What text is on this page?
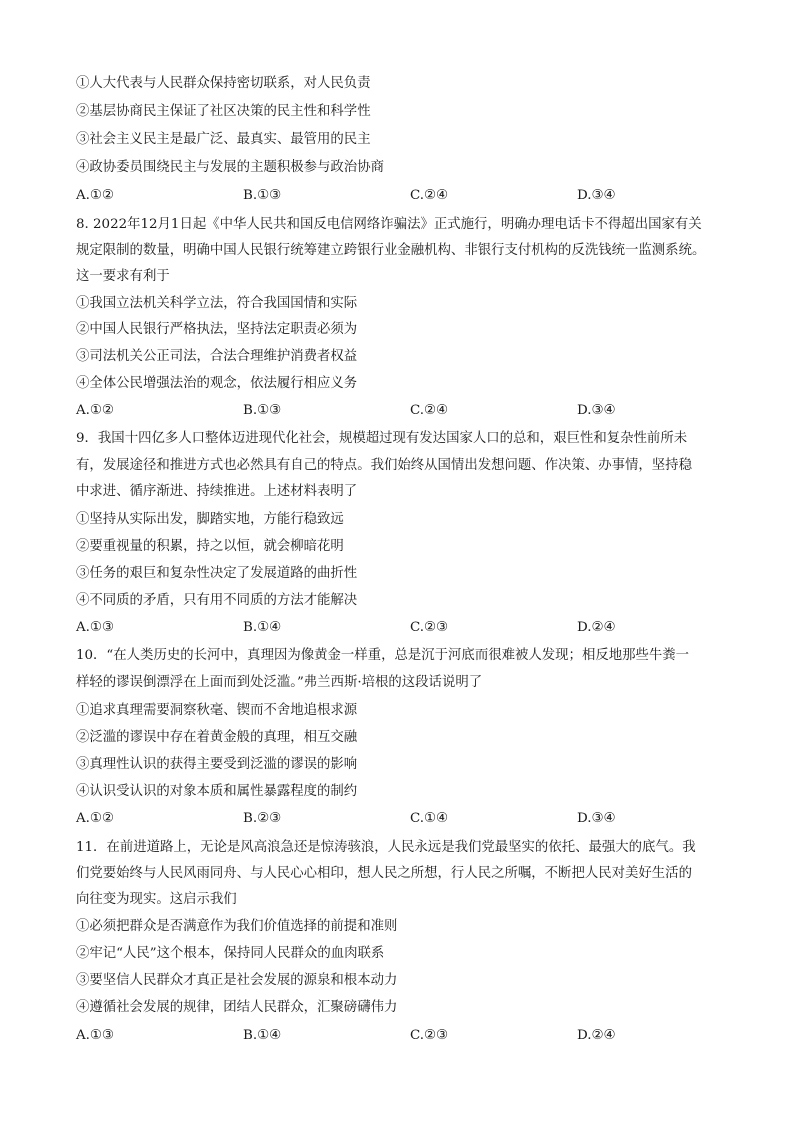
①人大代表与人民群众保持密切联系，对人民负责
②基层协商民主保证了社区决策的民主性和科学性
③社会主义民主是最广泛、最真实、最管用的民主
④政协委员围绕民主与发展的主题积极参与政治协商
A.①②	B.①③	C.②④	D.③④
8. 2022年12月1日起《中华人民共和国反电信网络诈骗法》正式施行，明确办理电话卡不得超出国家有关
规定限制的数量，明确中国人民银行统筹建立跨银行业金融机构、非银行支付机构的反洗钱统一监测系统。
这一要求有利于
①我国立法机关科学立法，符合我国国情和实际
②中国人民银行严格执法，坚持法定职责必须为
③司法机关公正司法，合法合理维护消费者权益
④全体公民增强法治的观念，依法履行相应义务
A.①②	B.①③	C.②④	D.③④
9．我国十四亿多人口整体迈进现代化社会，规模超过现有发达国家人口的总和，艰巨性和复杂性前所未
有，发展途径和推进方式也必然具有自己的特点。我们始终从国情出发想问题、作决策、办事情，坚持稳
中求进、循序渐进、持续推进。上述材料表明了
①坚持从实际出发，脚踏实地，方能行稳致远
②要重视量的积累，持之以恒，就会柳暗花明
③任务的艰巨和复杂性决定了发展道路的曲折性
④不同质的矛盾，只有用不同质的方法才能解决
A.①③	B.①④	C.②③	D.②④
10．“在人类历史的长河中，真理因为像黄金一样重，总是沉于河底而很难被人发现；相反地那些牛粪一
样轻的谬误倒漂浮在上面而到处泛滥。”弗兰西斯·培根的这段话说明了
①追求真理需要洞察秋毫、锲而不舍地追根求源
②泛滥的谬误中存在着黄金般的真理，相互交融
③真理性认识的获得主要受到泛滥的谬误的影响
④认识受认识的对象本质和属性暴露程度的制约
A.①②	B.②③	C.①④	D.③④
11．在前进道路上，无论是风高浪急还是惊涛骇浪，人民永远是我们党最坚实的依托、最强大的底气。我
们党要始终与人民风雨同舟、与人民心心相印，想人民之所想，行人民之所嘱，不断把人民对美好生活的
向往变为现实。这启示我们
①必须把群众是否满意作为我们价值选择的前提和准则
②牢记“人民”这个根本，保持同人民群众的血肉联系
③要坚信人民群众才真正是社会发展的源泉和根本动力
④遵循社会发展的规律，团结人民群众，汇聚磅礴伟力
A.①③	B.①④	C.②③	D.②④
